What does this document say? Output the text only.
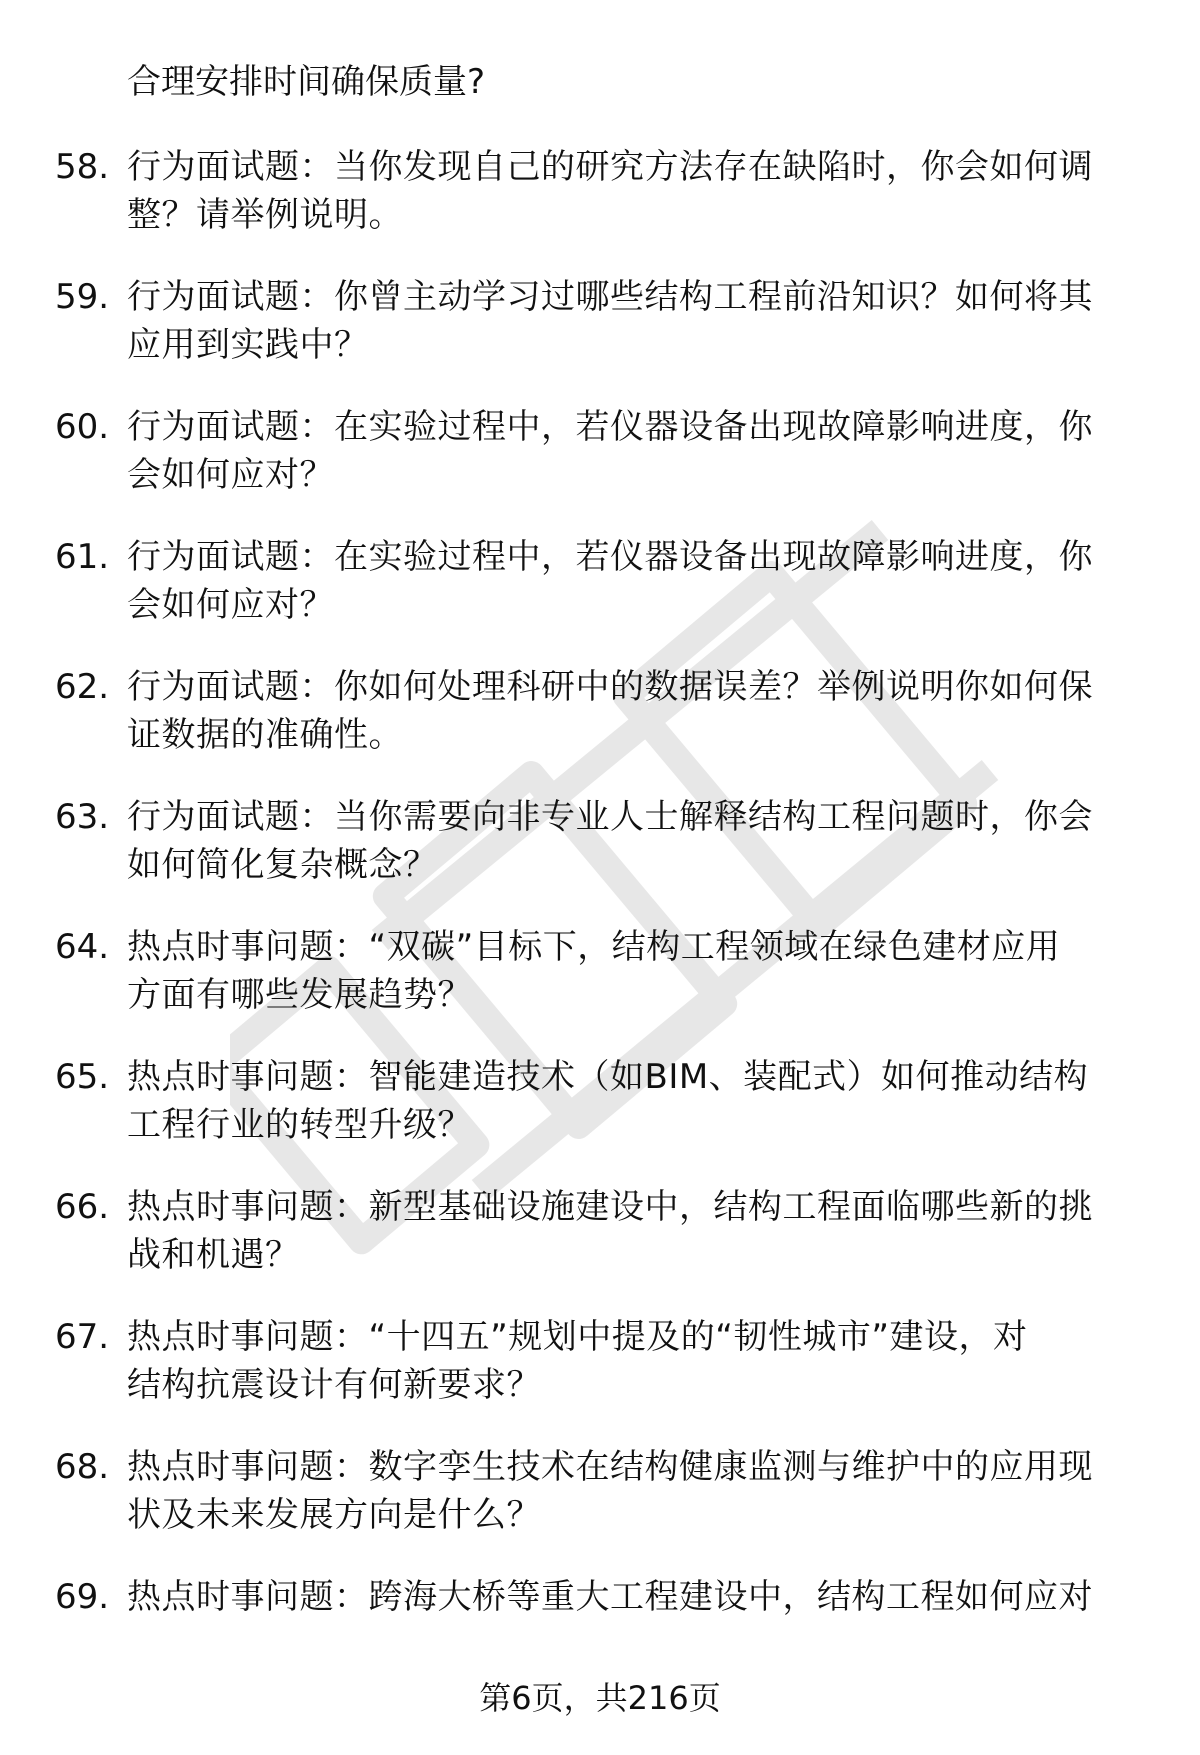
合理安排时间确保质量?
58. 行为面试题：当你发现自己的研究方法存在缺陷时，你会如何调
整？请举例说明。
59. 行为面试题：你曾主动学习过哪些结构工程前沿知识？如何将其
应用到实践中？
60. 行为面试题：在实验过程中，若仪器设备出现故障影响进度，你
会如何应对？
61. 行为面试题：在实验过程中，若仪器设备出现故障影响进度，你
会如何应对？
62. 行为面试题：你如何处理科研中的数据误差？举例说明你如何保
证数据的准确性。
63. 行为面试题：当你需要向非专业人士解释结构工程问题时，你会
如何简化复杂概念？
64. 热点时事问题：“双碳”目标下，结构工程领域在绿色建材应用
方面有哪些发展趋势？
65. 热点时事问题：智能建造技术（如BIM、装配式）如何推动结构
工程行业的转型升级？
66. 热点时事问题：新型基础设施建设中，结构工程面临哪些新的挑
战和机遇？
67. 热点时事问题：“十四五”规划中提及的“韧性城市”建设，对
结构抗震设计有何新要求？
68. 热点时事问题：数字孪生技术在结构健康监测与维护中的应用现
状及未来发展方向是什么？
69. 热点时事问题：跨海大桥等重大工程建设中，结构工程如何应对
第6页，共216页
